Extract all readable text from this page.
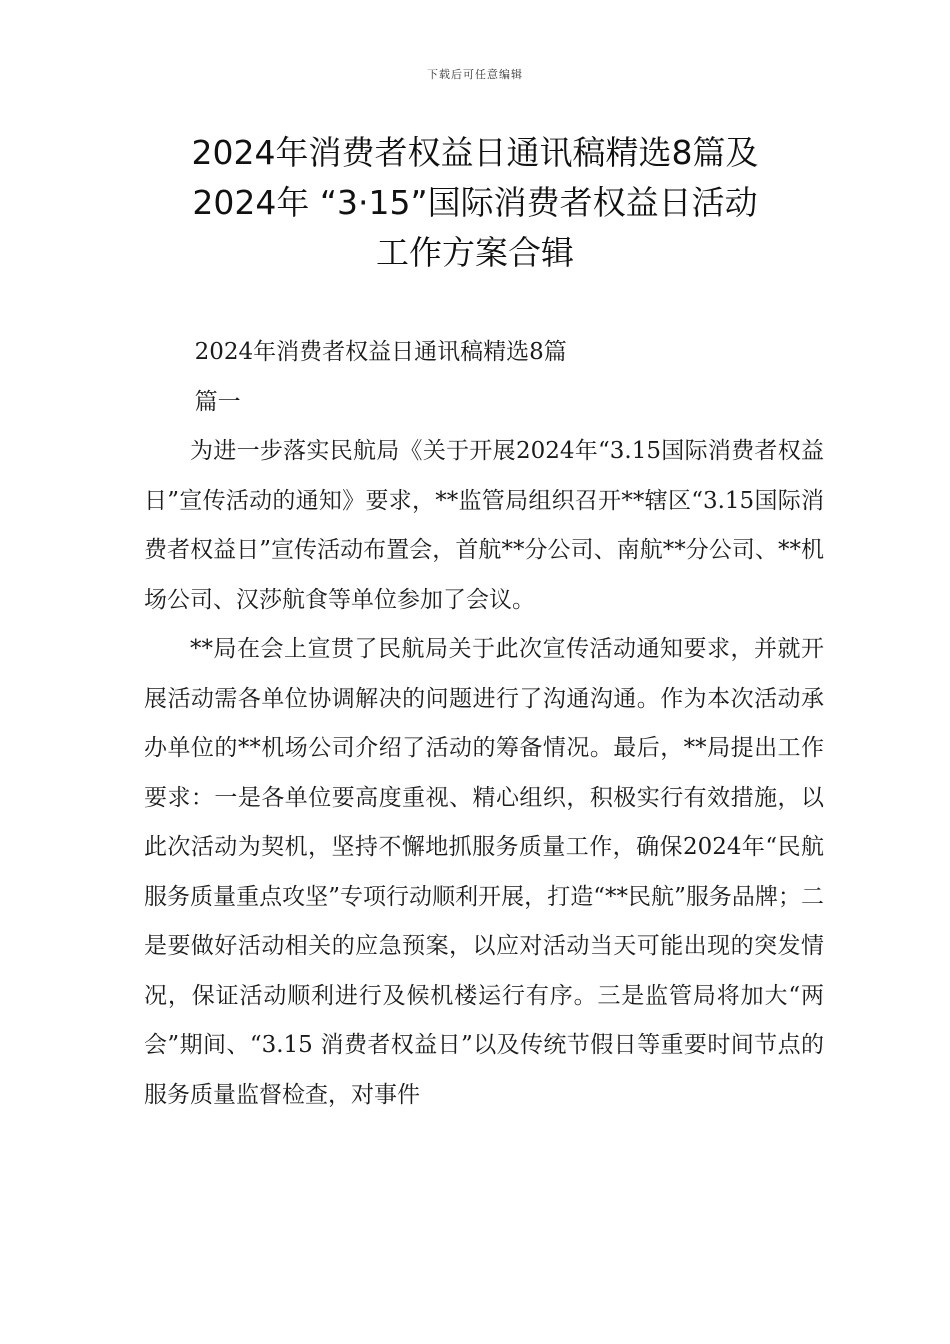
下载后可任意编辑
2024年消费者权益日通讯稿精选8篇及
2024年 “3·15”国际消费者权益日活动
工作方案合辑

2024年消费者权益日通讯稿精选8篇

篇一

为进一步落实民航局《关于开展2024年“3.15国际消费者权益日”宣传活动的通知》要求，**监管局组织召开**辖区“3.15国际消费者权益日”宣传活动布置会，首航**分公司、南航**分公司、**机场公司、汉莎航食等单位参加了会议。

**局在会上宣贯了民航局关于此次宣传活动通知要求，并就开展活动需各单位协调解决的问题进行了沟通沟通。作为本次活动承办单位的**机场公司介绍了活动的筹备情况。最后，**局提出工作要求：一是各单位要高度重视、精心组织，积极实行有效措施，以此次活动为契机，坚持不懈地抓服务质量工作，确保2024年“民航服务质量重点攻坚”专项行动顺利开展，打造“**民航”服务品牌；二是要做好活动相关的应急预案，以应对活动当天可能出现的突发情况，保证活动顺利进行及候机楼运行有序。三是监管局将加大“两会”期间、“3.15 消费者权益日”以及传统节假日等重要时间节点的服务质量监督检查，对事件
